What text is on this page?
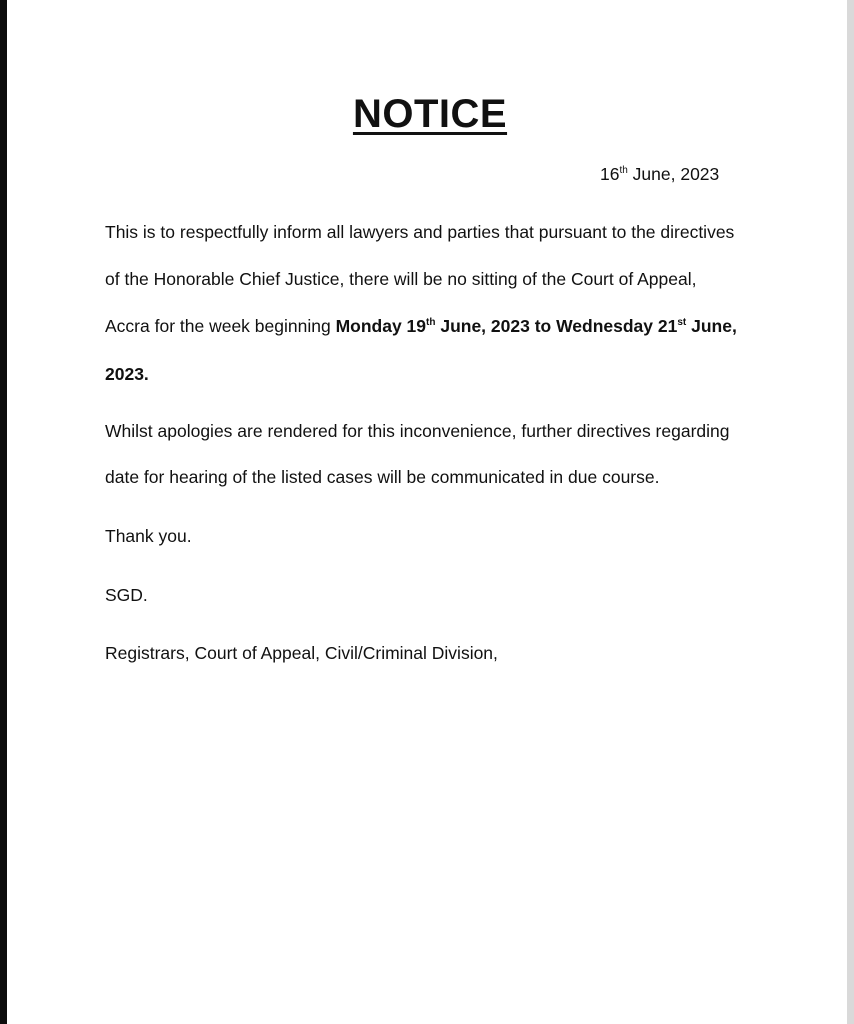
NOTICE
16th June, 2023
This is to respectfully inform all lawyers and parties that pursuant to the directives
of the Honorable Chief Justice, there will be no sitting of the Court of Appeal,
Accra for the week beginning Monday 19th June, 2023 to Wednesday 21st June,
2023.
Whilst apologies are rendered for this inconvenience, further directives regarding
date for hearing of the listed cases will be communicated in due course.
Thank you.
SGD.
Registrars, Court of Appeal, Civil/Criminal Division,
